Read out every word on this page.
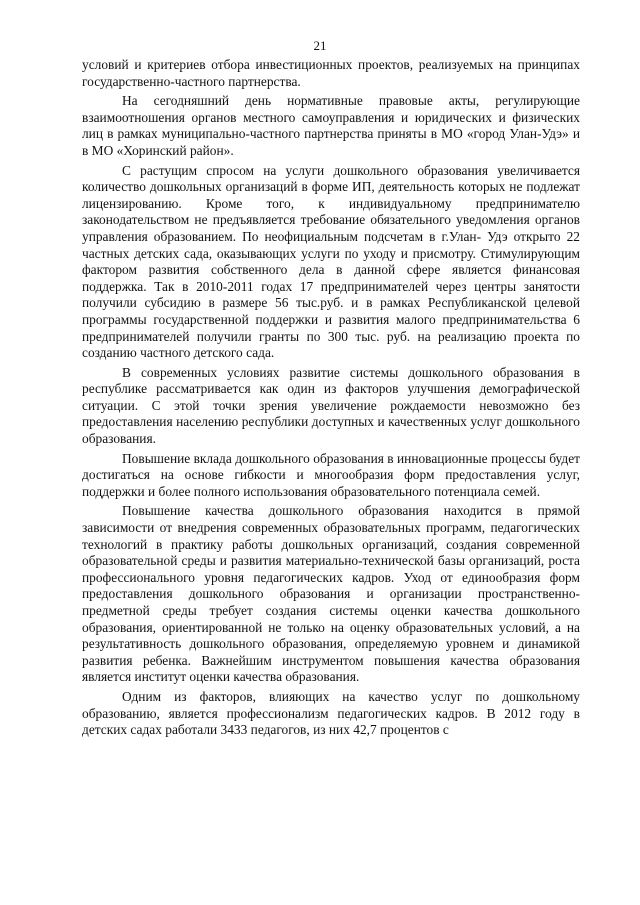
21

условий и критериев отбора инвестиционных проектов, реализуемых на принципах государственно-частного партнерства.

На сегодняшний день нормативные правовые акты, регулирующие взаимоотношения органов местного самоуправления и юридических и физических лиц в рамках муниципально-частного партнерства приняты в МО «город Улан-Удэ» и в МО «Хоринский район».

С растущим спросом на услуги дошкольного образования увеличивается количество дошкольных организаций в форме ИП, деятельность которых не подлежат лицензированию. Кроме того, к индивидуальному предпринимателю законодательством не предъявляется требование обязательного уведомления органов управления образованием. По неофициальным подсчетам в г.Улан- Удэ открыто 22 частных детских сада, оказывающих услуги по уходу и присмотру. Стимулирующим фактором развития собственного дела в данной сфере является финансовая поддержка. Так в 2010-2011 годах 17 предпринимателей через центры занятости получили субсидию в размере 56 тыс.руб. и в рамках Республиканской целевой программы государственной поддержки и развития малого предпринимательства 6 предпринимателей получили гранты по 300 тыс. руб. на реализацию проекта по созданию частного детского сада.

В современных условиях развитие системы дошкольного образования в республике рассматривается как один из факторов улучшения демографической ситуации. С этой точки зрения увеличение рождаемости невозможно без предоставления населению республики доступных и качественных услуг дошкольного образования.

Повышение вклада дошкольного образования в инновационные процессы будет достигаться на основе гибкости и многообразия форм предоставления услуг, поддержки и более полного использования образовательного потенциала семей.

Повышение качества дошкольного образования находится в прямой зависимости от внедрения современных образовательных программ, педагогических технологий в практику работы дошкольных организаций, создания современной образовательной среды и развития материально-технической базы организаций, роста профессионального уровня педагогических кадров. Уход от единообразия форм предоставления дошкольного образования и организации пространственно-предметной среды требует создания системы оценки качества дошкольного образования, ориентированной не только на оценку образовательных условий, а на результативность дошкольного образования, определяемую уровнем и динамикой развития ребенка. Важнейшим инструментом повышения качества образования является институт оценки качества образования.

Одним из факторов, влияющих на качество услуг по дошкольному образованию, является профессионализм педагогических кадров. В 2012 году в детских садах работали 3433 педагогов, из них 42,7 процентов с
